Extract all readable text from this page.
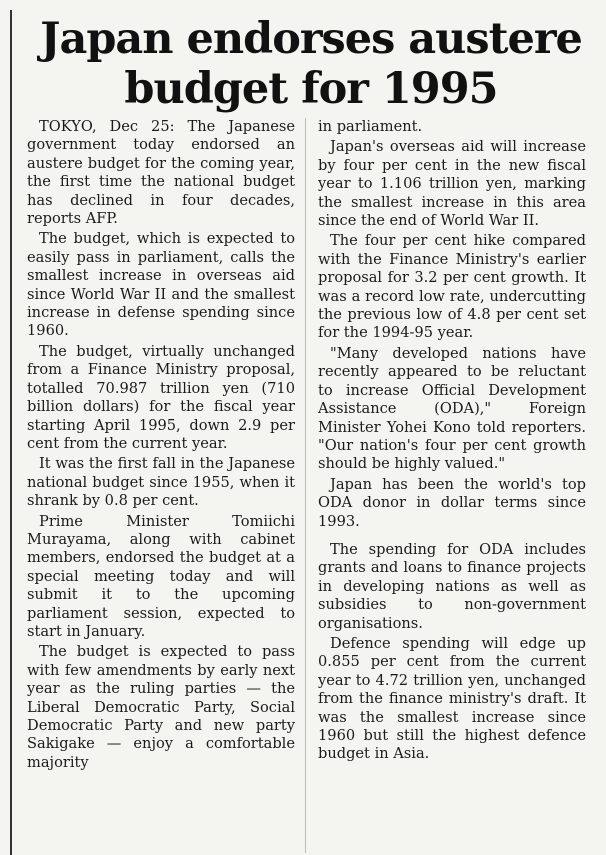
Japan endorses austere
budget for 1995

TOKYO, Dec 25: The Japanese government today endorsed an austere budget for the coming year, the first time the national budget has declined in four decades, reports AFP.

The budget, which is expected to easily pass in parliament, calls the smallest increase in overseas aid since World War II and the smallest increase in defense spending since 1960.

The budget, virtually unchanged from a Finance Ministry proposal, totalled 70.987 trillion yen (710 billion dollars) for the fiscal year starting April 1995, down 2.9 per cent from the current year.

It was the first fall in the Japanese national budget since 1955, when it shrank by 0.8 per cent.

Prime Minister Tomiichi Murayama, along with cabinet members, endorsed the budget at a special meeting today and will submit it to the upcoming parliament session, expected to start in January.

The budget is expected to pass with few amendments by early next year as the ruling parties — the Liberal Democratic Party, Social Democratic Party and new party Sakigake — enjoy a comfortable majority

in parliament.

Japan's overseas aid will increase by four per cent in the new fiscal year to 1.106 trillion yen, marking the smallest increase in this area since the end of World War II.

The four per cent hike compared with the Finance Ministry's earlier proposal for 3.2 per cent growth. It was a record low rate, undercutting the previous low of 4.8 per cent set for the 1994-95 year.

"Many developed nations have recently appeared to be reluctant to increase Official Development Assistance (ODA)," Foreign Minister Yohei Kono told reporters. "Our nation's four per cent growth should be highly valued."

Japan has been the world's top ODA donor in dollar terms since 1993.

The spending for ODA includes grants and loans to finance projects in developing nations as well as subsidies to non-government organisations.

Defence spending will edge up 0.855 per cent from the current year to 4.72 trillion yen, unchanged from the finance ministry's draft. It was the smallest increase since 1960 but still the highest defence budget in Asia.
